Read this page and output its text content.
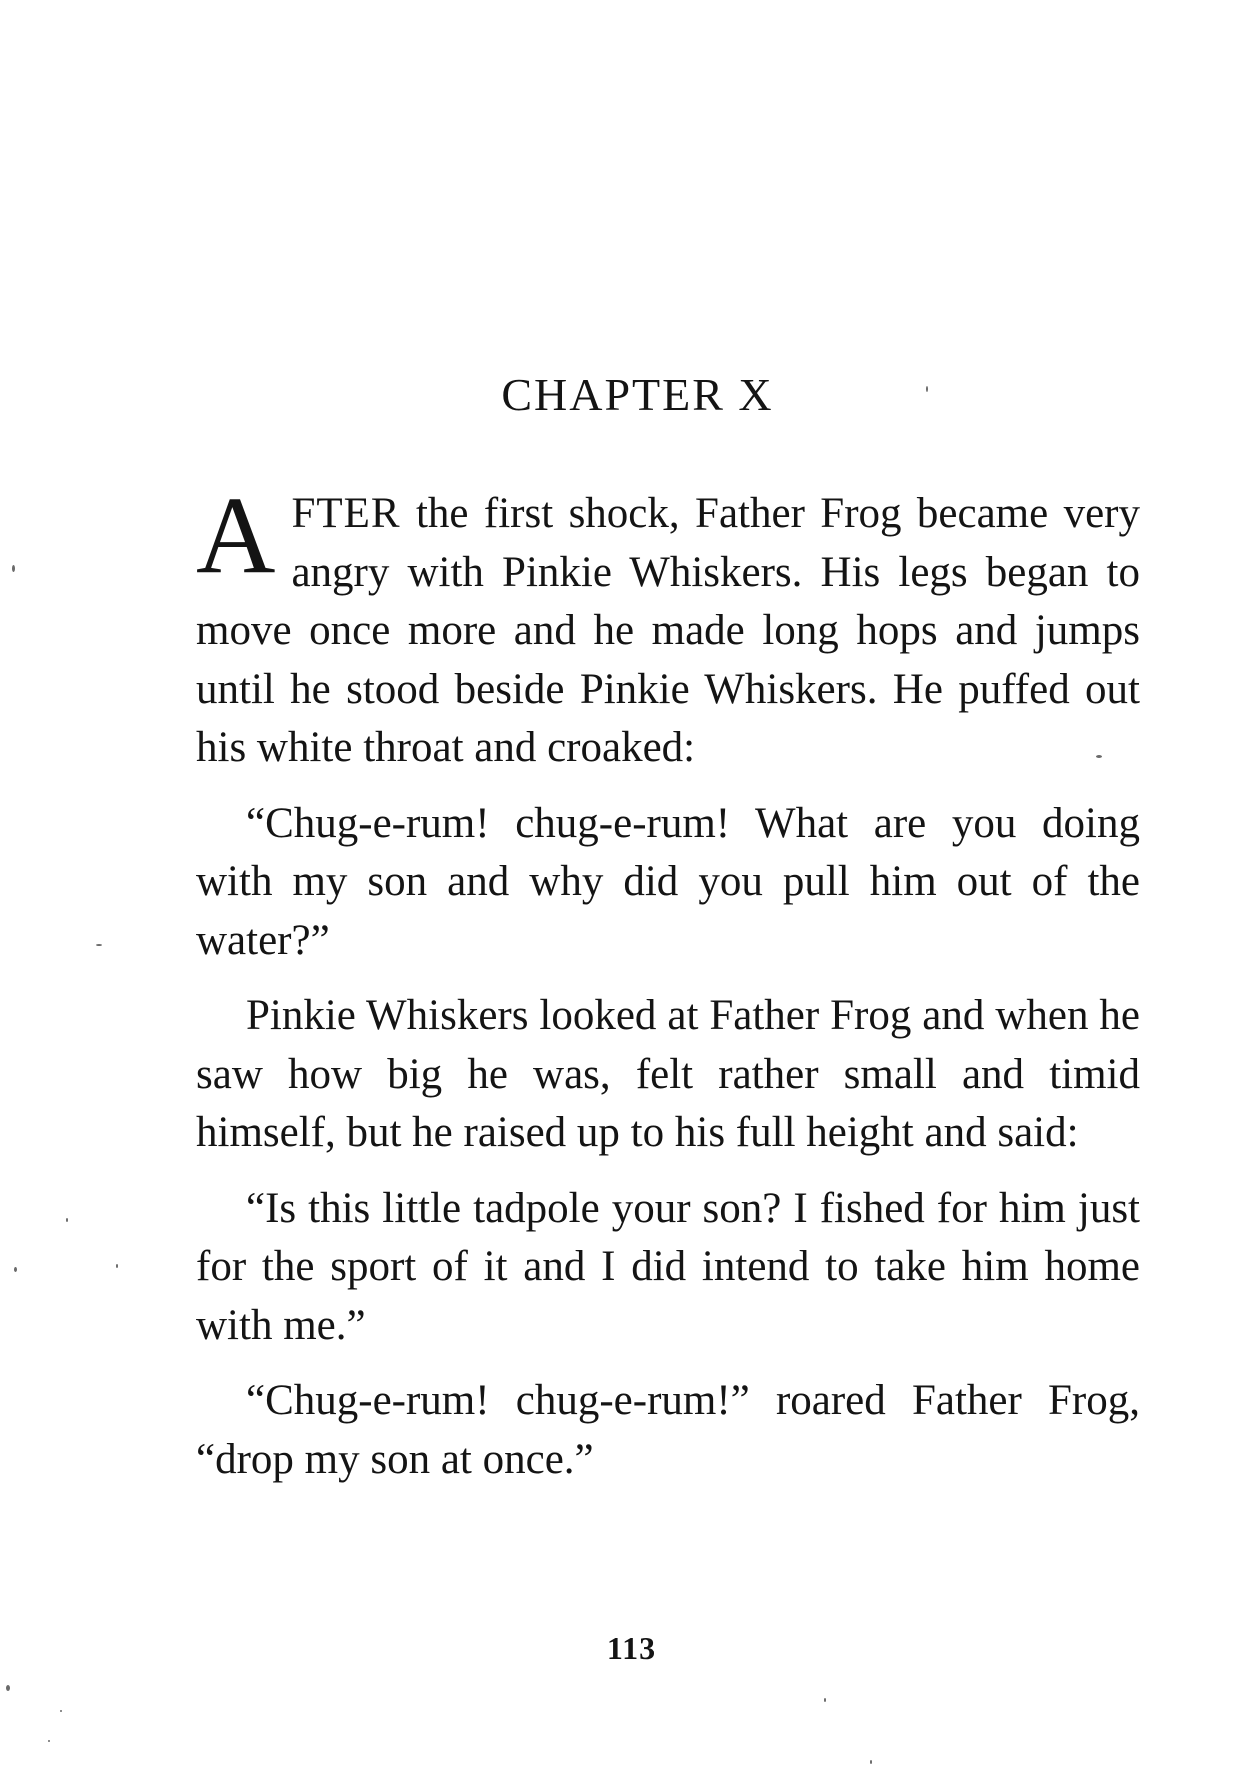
CHAPTER X

AFTER the first shock, Father Frog became very angry with Pinkie Whiskers. His legs began to move once more and he made long hops and jumps until he stood beside Pinkie Whiskers. He puffed out his white throat and croaked:

“Chug-e-rum! chug-e-rum! What are you doing with my son and why did you pull him out of the water?”

Pinkie Whiskers looked at Father Frog and when he saw how big he was, felt rather small and timid himself, but he raised up to his full height and said:

“Is this little tadpole your son? I fished for him just for the sport of it and I did intend to take him home with me.”

“Chug-e-rum! chug-e-rum!” roared Father Frog, “drop my son at once.”

113
